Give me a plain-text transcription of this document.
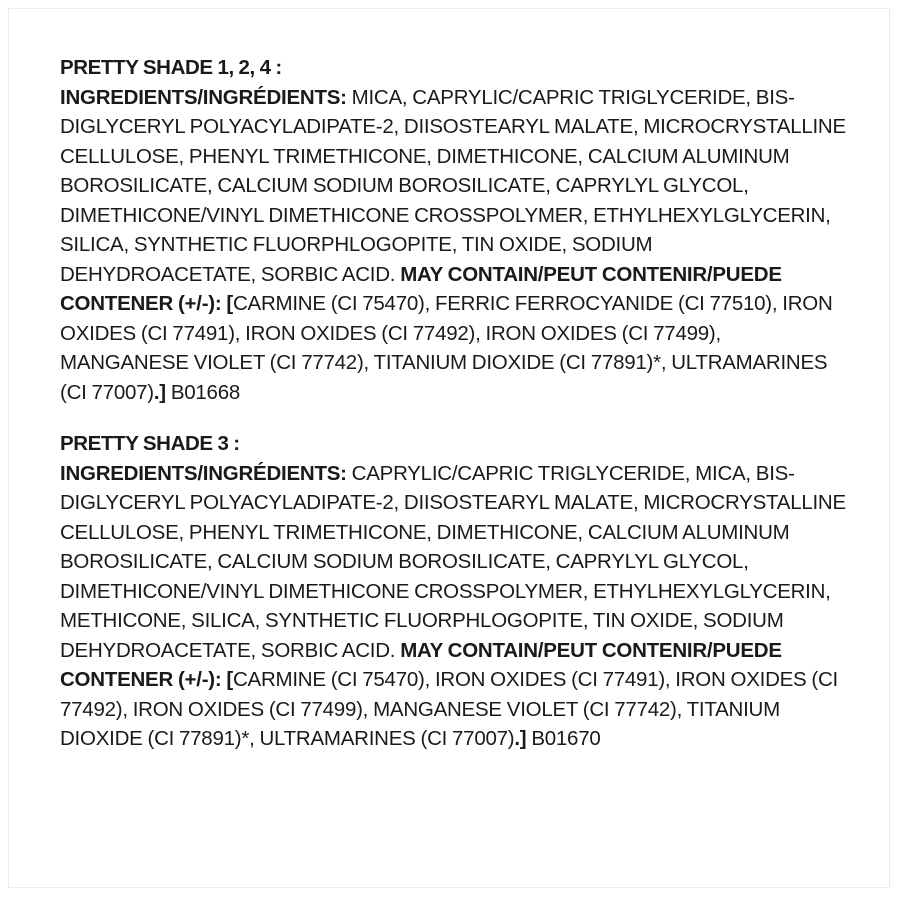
PRETTY SHADE 1, 2, 4 :
INGREDIENTS/INGRÉDIENTS: MICA, CAPRYLIC/CAPRIC TRIGLYCERIDE, BIS-DIGLYCERYL POLYACYLADIPATE-2, DIISOSTEARYL MALATE, MICROCRYSTALLINE CELLULOSE, PHENYL TRIMETHICONE, DIMETHICONE, CALCIUM ALUMINUM BOROSILICATE, CALCIUM SODIUM BOROSILICATE, CAPRYLYL GLYCOL, DIMETHICONE/VINYL DIMETHICONE CROSSPOLYMER, ETHYLHEXYLGLYCERIN, SILICA, SYNTHETIC FLUORPHLOGOPITE, TIN OXIDE, SODIUM DEHYDROACETATE, SORBIC ACID. MAY CONTAIN/PEUT CONTENIR/PUEDE CONTENER (+/-): [CARMINE (CI 75470), FERRIC FERROCYANIDE (CI 77510), IRON OXIDES (CI 77491), IRON OXIDES (CI 77492), IRON OXIDES (CI 77499), MANGANESE VIOLET (CI 77742), TITANIUM DIOXIDE (CI 77891)*, ULTRAMARINES (CI 77007).] B01668
PRETTY SHADE 3 :
INGREDIENTS/INGRÉDIENTS: CAPRYLIC/CAPRIC TRIGLYCERIDE, MICA, BIS-DIGLYCERYL POLYACYLADIPATE-2, DIISOSTEARYL MALATE, MICROCRYSTALLINE CELLULOSE, PHENYL TRIMETHICONE, DIMETHICONE, CALCIUM ALUMINUM BOROSILICATE, CALCIUM SODIUM BOROSILICATE, CAPRYLYL GLYCOL, DIMETHICONE/VINYL DIMETHICONE CROSSPOLYMER, ETHYLHEXYLGLYCERIN, METHICONE, SILICA, SYNTHETIC FLUORPHLOGOPITE, TIN OXIDE, SODIUM DEHYDROACETATE, SORBIC ACID. MAY CONTAIN/PEUT CONTENIR/PUEDE CONTENER (+/-): [CARMINE (CI 75470), IRON OXIDES (CI 77491), IRON OXIDES (CI 77492), IRON OXIDES (CI 77499), MANGANESE VIOLET (CI 77742), TITANIUM DIOXIDE (CI 77891)*, ULTRAMARINES (CI 77007).] B01670
